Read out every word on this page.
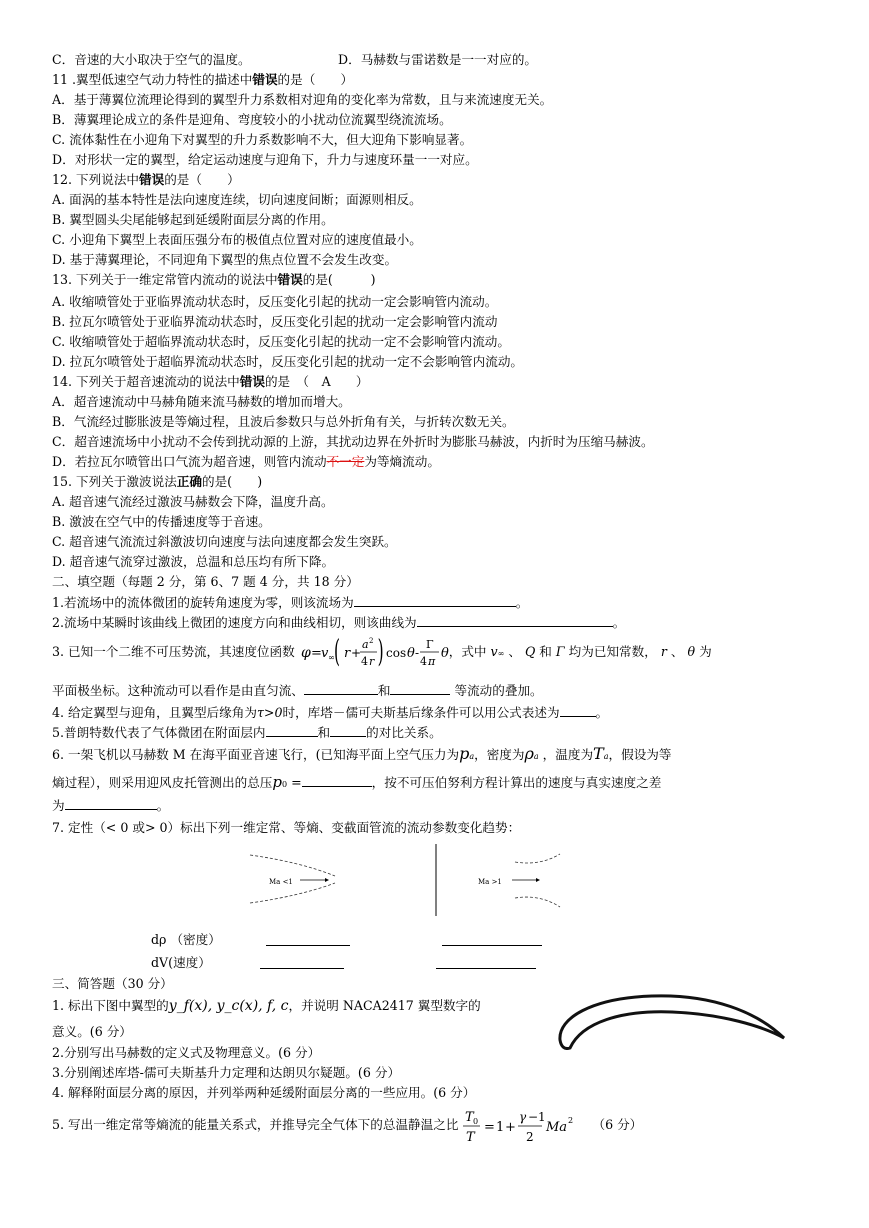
C．音速的大小取决于空气的温度。	D．马赫数与雷诺数是一一对应的。
11 .翼型低速空气动力特性的描述中错误的是（　　）
A．基于薄翼位流理论得到的翼型升力系数相对迎角的变化率为常数，且与来流速度无关。
B．薄翼理论成立的条件是迎角、弯度较小的小扰动位流翼型绕流流场。
C. 流体黏性在小迎角下对翼型的升力系数影响不大，但大迎角下影响显著。
D．对形状一定的翼型，给定运动速度与迎角下，升力与速度环量一一对应。
12. 下列说法中错误的是（　　）
A. 面涡的基本特性是法向速度连续，切向速度间断；面源则相反。
B. 翼型圆头尖尾能够起到延缓附面层分离的作用。
C. 小迎角下翼型上表面压强分布的极值点位置对应的速度值最小。
D. 基于薄翼理论，不同迎角下翼型的焦点位置不会发生改变。
13. 下列关于一维定常管内流动的说法中错误的是(　　　)
A. 收缩喷管处于亚临界流动状态时，反压变化引起的扰动一定会影响管内流动。
B. 拉瓦尔喷管处于亚临界流动状态时，反压变化引起的扰动一定会影响管内流动
C. 收缩喷管处于超临界流动状态时，反压变化引起的扰动一定不会影响管内流动。
D. 拉瓦尔喷管处于超临界流动状态时，反压变化引起的扰动一定不会影响管内流动。
14. 下列关于超音速流动的说法中错误的是　（　A　　）
A．超音速流动中马赫角随来流马赫数的增加而增大。
B．气流经过膨胀波是等熵过程，且波后参数只与总外折角有关，与折转次数无关。
C．超音速流场中小扰动不会传到扰动源的上游，其扰动边界在外折时为膨胀马赫波，内折时为压缩马赫波。
D．若拉瓦尔喷管出口气流为超音速，则管内流动不一定为等熵流动。
15. 下列关于激波说法正确的是(　　)
A. 超音速气流经过激波马赫数会下降，温度升高。
B. 激波在空气中的传播速度等于音速。
C. 超音速气流流过斜激波切向速度与法向速度都会发生突跃。
D. 超音速气流穿过激波，总温和总压均有所下降。
二、填空题（每题 2 分，第 6、7 题 4 分，共 18 分）
1.若流场中的流体微团的旋转角速度为零，则该流场为	。
2.流场中某瞬时该曲线上微团的速度方向和曲线相切，则该曲线为	。
3. 已知一个二维不可压势流，其速度位函数 φ = v ∞ ( r +
a 2
4 r ) cos θ -
Γ
4 π
θ ，式中 v∞ 、 Q 和 Γ 均为已知常数， r 、 θ 为
平面极坐标。这种流动可以看作是由直匀流、	和	等流动的叠加。
4. 给定翼型与迎角，且翼型后缘角为τ>0时，库塔－儒可夫斯基后缘条件可以用公式表述为	。
5.普朗特数代表了气体微团在附面层内	和	的对比关系。
6. 一架飞机以马赫数 M 在海平面亚音速飞行，(已知海平面上空气压力为pa，密度为ρa ，温度为Ta，假设为等
熵过程），则采用迎风皮托管测出的总压p0 =	，按不可压伯努利方程计算出的速度与真实速度之差
为	。
7. 定性（< 0 或> 0）标出下列一维定常、等熵、变截面管流的流动参数变化趋势：
Ma <1	Ma >1
dρ （密度）
dV(速度）
三、简答题（30 分）
1. 标出下图中翼型的y_f(x), y_c(x), f, c，并说明 NACA2417 翼型数字的
意义。(6 分）
2.分别写出马赫数的定义式及物理意义。(6 分）
3.分别阐述库塔-儒可夫斯基升力定理和达朗贝尔疑题。(6 分）
4. 解释附面层分离的原因，并列举两种延缓附面层分离的一些应用。(6 分）
5. 写出一维定常等熵流的能量关系式，并推导完全气体下的总温静温之比 T 0
T
= 1 +
γ −1
2
Ma 2 （6 分）
